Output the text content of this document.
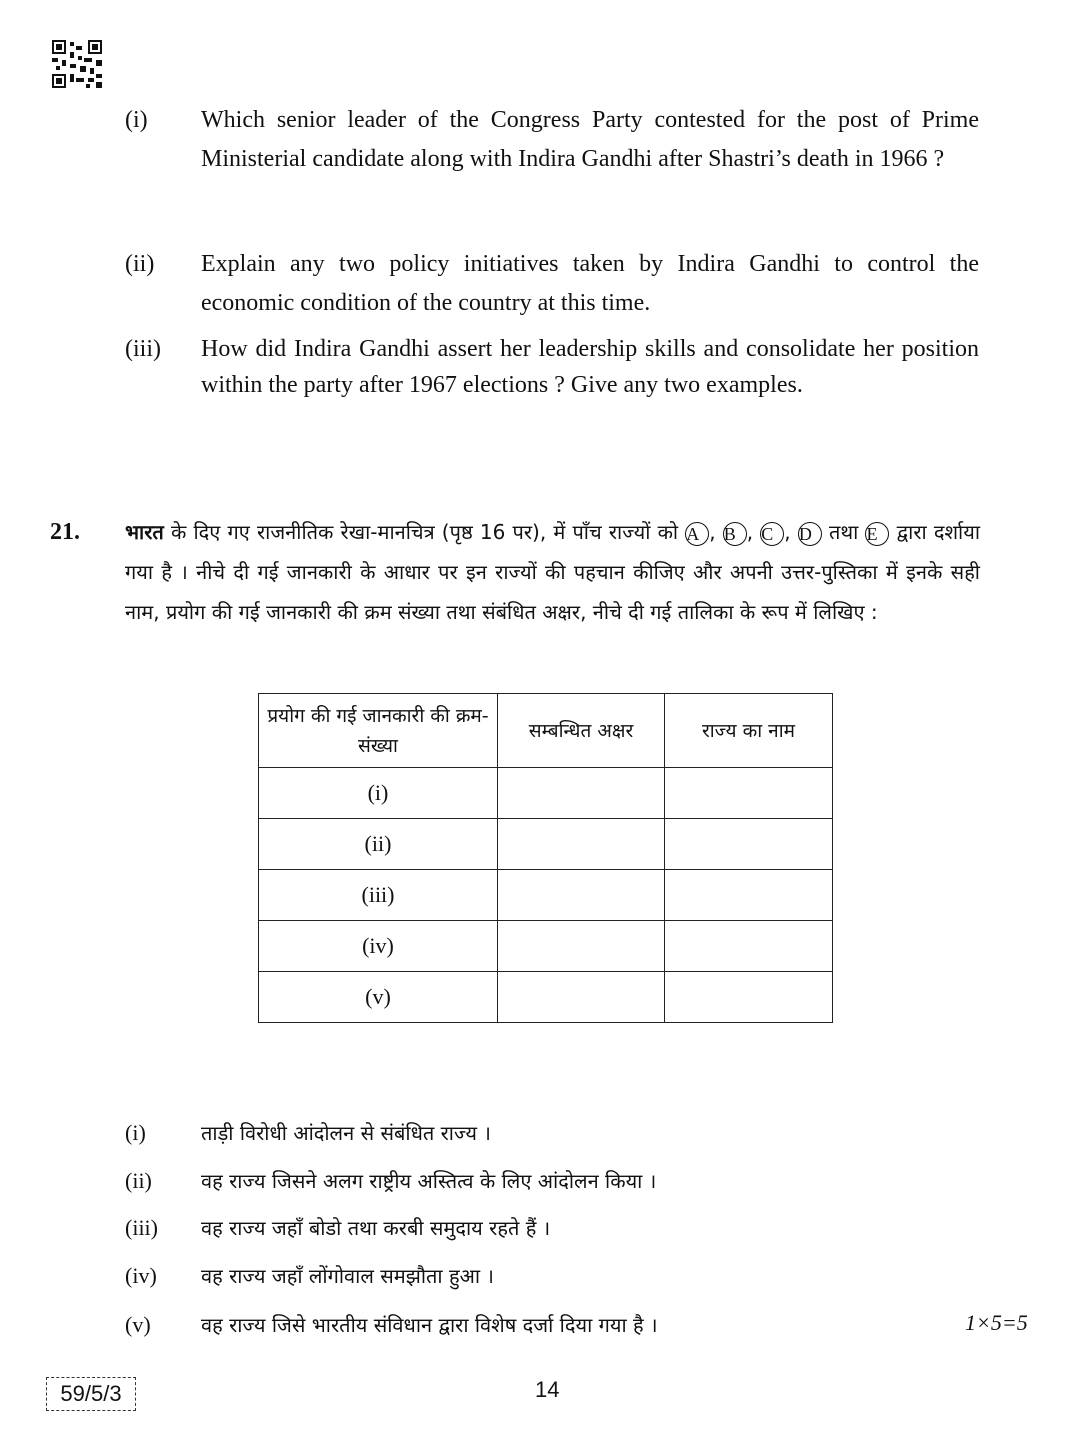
(i)	Which senior leader of the Congress Party contested for the post of Prime Ministerial candidate along with Indira Gandhi after Shastri’s death in 1966 ?
(ii)	Explain any two policy initiatives taken by Indira Gandhi to control the economic condition of the country at this time.
(iii)	How did Indira Gandhi assert her leadership skills and consolidate her position within the party after 1967 elections ? Give any two examples.
21. भारत के दिए गए राजनीतिक रेखा-मानचित्र (पृष्ठ 16 पर), में पाँच राज्यों को A , B , C , D तथा E द्वारा दर्शाया गया है । नीचे दी गई जानकारी के आधार पर इन राज्यों की पहचान कीजिए और अपनी उत्तर-पुस्तिका में इनके सही नाम, प्रयोग की गई जानकारी की क्रम संख्या तथा संबंधित अक्षर, नीचे दी गई तालिका के रूप में लिखिए :
प्रयोग की गई जानकारी की क्रम-संख्या	सम्बन्धित अक्षर	राज्य का नाम
(i)		
(ii)		
(iii)		
(iv)		
(v)		
(i)	ताड़ी विरोधी आंदोलन से संबंधित राज्य ।
(ii) वह राज्य जिसने अलग राष्ट्रीय अस्तित्व के लिए आंदोलन किया ।
(iii) वह राज्य जहाँ बोडो तथा करबी समुदाय रहते हैं ।
(iv) वह राज्य जहाँ लोंगोवाल समझौता हुआ ।
(v)	वह राज्य जिसे भारतीय संविधान द्वारा विशेष दर्जा दिया गया है ।	1×5=5
59/5/3	14
